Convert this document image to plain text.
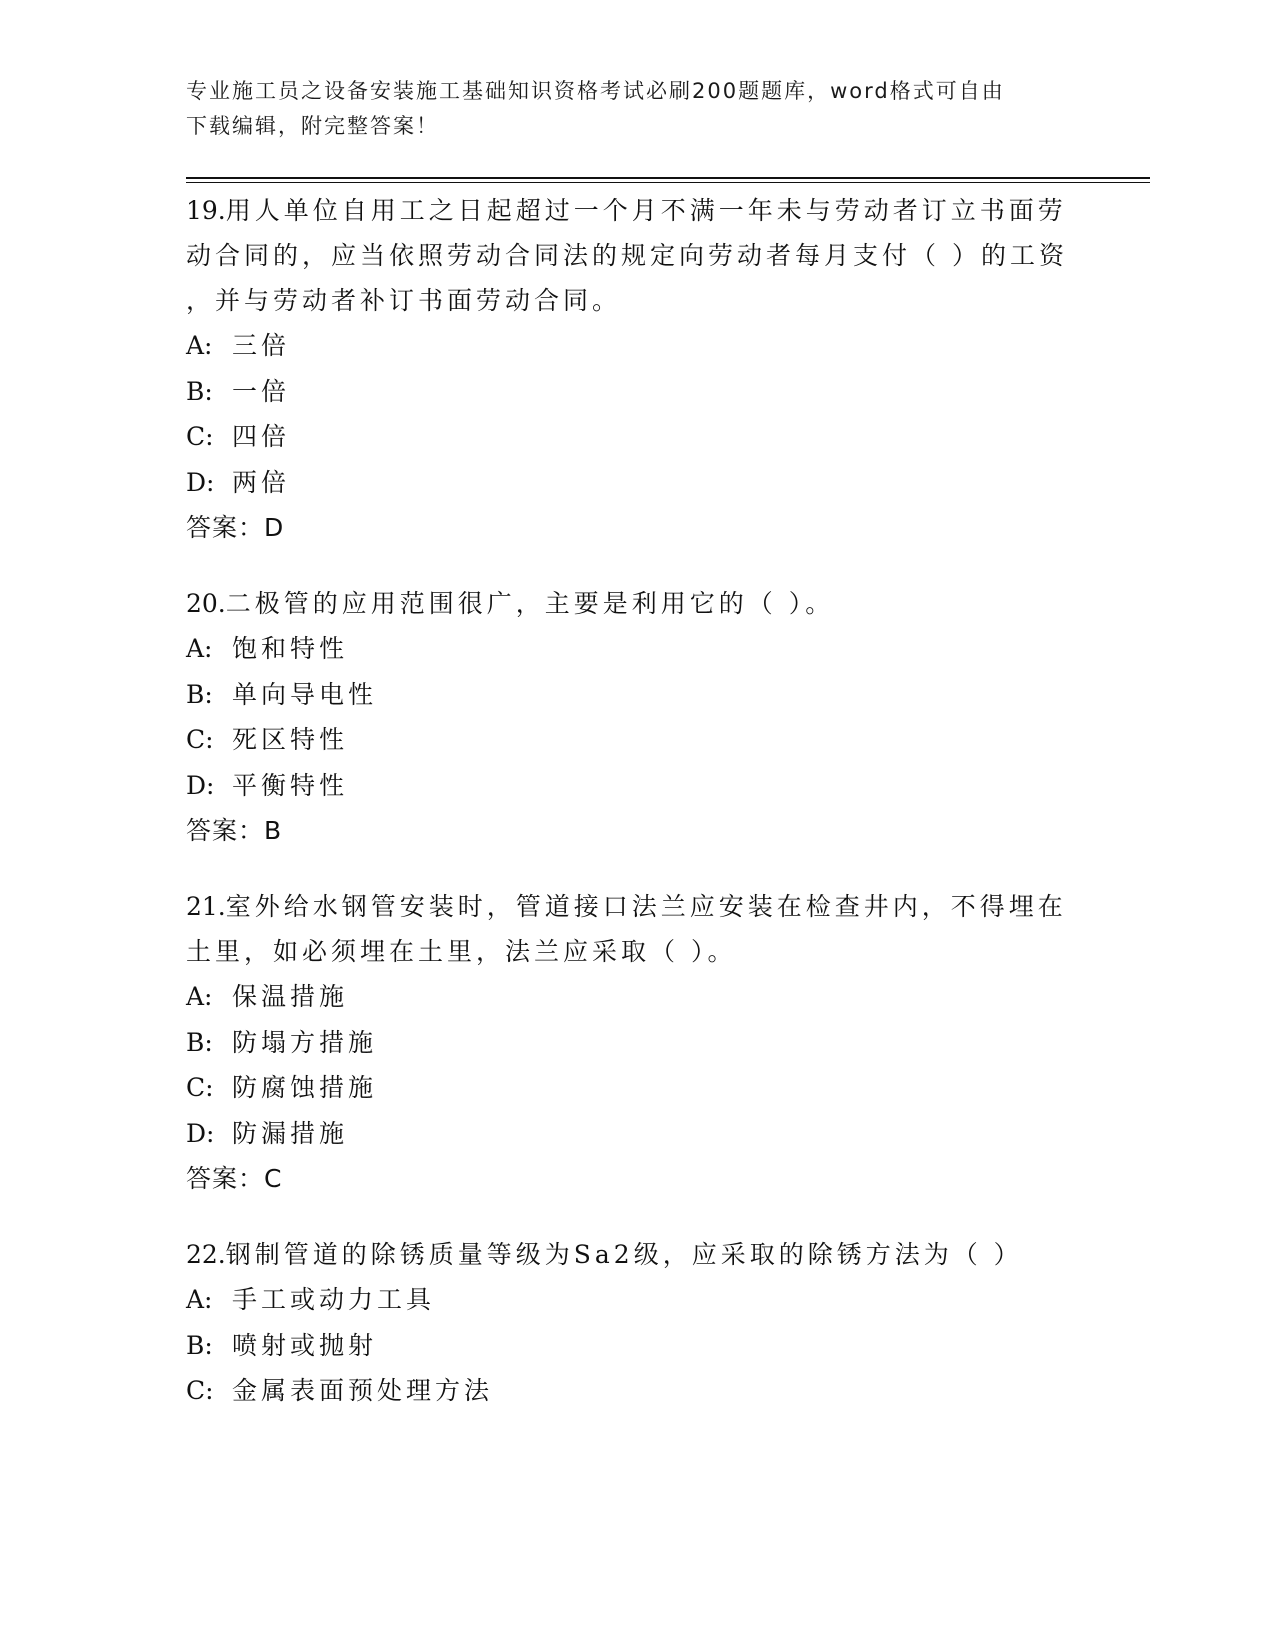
专业施工员之设备安装施工基础知识资格考试必刷200题题库，word格式可自由
下载编辑，附完整答案！
19.用人单位自用工之日起超过一个月不满一年未与劳动者订立书面劳
动合同的，应当依照劳动合同法的规定向劳动者每月支付（ ）的工资
，并与劳动者补订书面劳动合同。
A: 三倍
B: 一倍
C: 四倍
D: 两倍
答案：D
20.二极管的应用范围很广，主要是利用它的（ ）。
A: 饱和特性
B: 单向导电性
C: 死区特性
D: 平衡特性
答案：B
21.室外给水钢管安装时，管道接口法兰应安装在检查井内，不得埋在
土里，如必须埋在土里，法兰应采取（ ）。
A: 保温措施
B: 防塌方措施
C: 防腐蚀措施
D: 防漏措施
答案：C
22.钢制管道的除锈质量等级为Sa2级，应采取的除锈方法为（ ）
A: 手工或动力工具
B: 喷射或抛射
C: 金属表面预处理方法
